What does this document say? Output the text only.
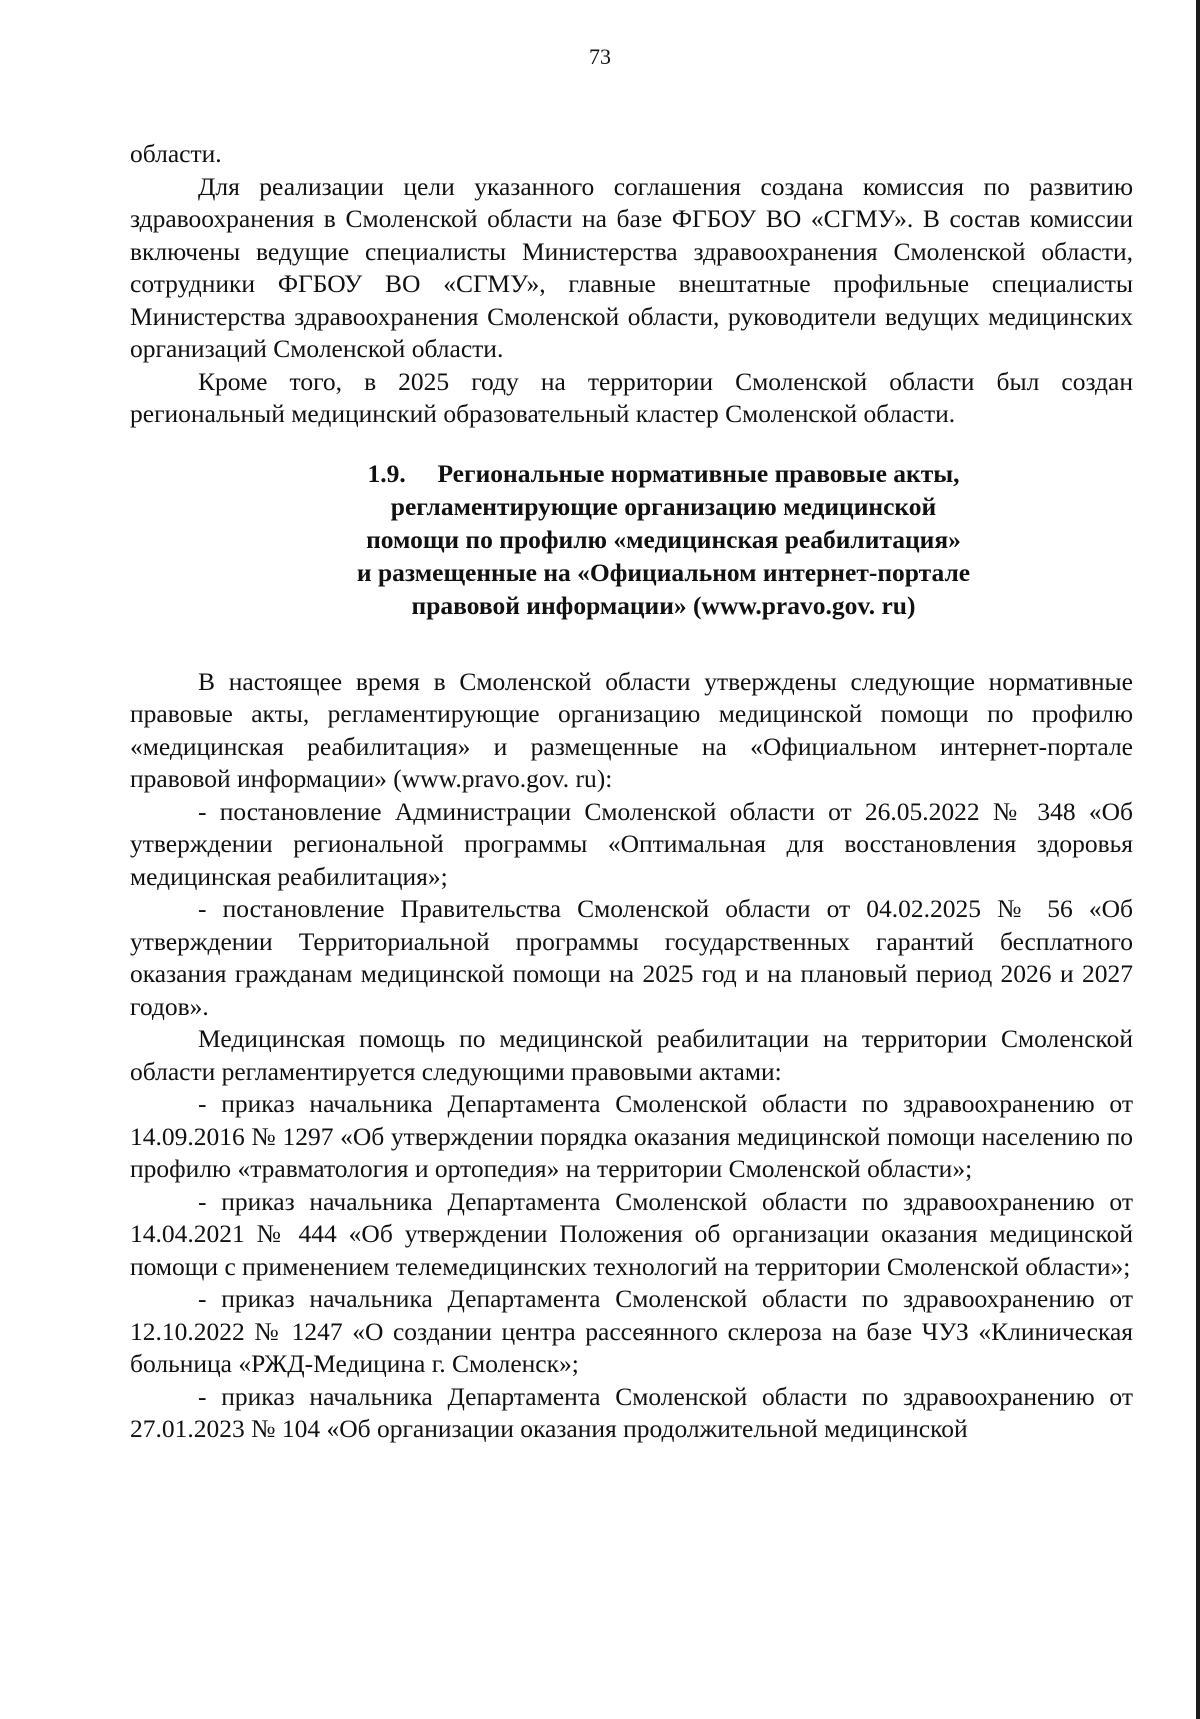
73

области.

Для реализации цели указанного соглашения создана комиссия по развитию здравоохранения в Смоленской области на базе ФГБОУ ВО «СГМУ». В состав комиссии включены ведущие специалисты Министерства здравоохранения Смоленской области, сотрудники ФГБОУ ВО «СГМУ», главные внештатные профильные специалисты Министерства здравоохранения Смоленской области, руководители ведущих медицинских организаций Смоленской области.

Кроме того, в 2025 году на территории Смоленской области был создан региональный медицинский образовательный кластер Смоленской области.

1.9. Региональные нормативные правовые акты,
регламентирующие организацию медицинской
помощи по профилю «медицинская реабилитация»
и размещенные на «Официальном интернет-портале
правовой информации» (www.pravo.gov. ru)

В настоящее время в Смоленской области утверждены следующие нормативные правовые акты, регламентирующие организацию медицинской помощи по профилю «медицинская реабилитация» и размещенные на «Официальном интернет-портале правовой информации» (www.pravo.gov. ru):

- постановление Администрации Смоленской области от 26.05.2022 № 348 «Об утверждении региональной программы «Оптимальная для восстановления здоровья медицинская реабилитация»;

- постановление Правительства Смоленской области от 04.02.2025 № 56 «Об утверждении Территориальной программы государственных гарантий бесплатного оказания гражданам медицинской помощи на 2025 год и на плановый период 2026 и 2027 годов».

Медицинская помощь по медицинской реабилитации на территории Смоленской области регламентируется следующими правовыми актами:

- приказ начальника Департамента Смоленской области по здравоохранению от 14.09.2016 № 1297 «Об утверждении порядка оказания медицинской помощи населению по профилю «травматология и ортопедия» на территории Смоленской области»;

- приказ начальника Департамента Смоленской области по здравоохранению от 14.04.2021 № 444 «Об утверждении Положения об организации оказания медицинской помощи с применением телемедицинских технологий на территории Смоленской области»;

- приказ начальника Департамента Смоленской области по здравоохранению от 12.10.2022 № 1247 «О создании центра рассеянного склероза на базе ЧУЗ «Клиническая больница «РЖД-Медицина г. Смоленск»;

- приказ начальника Департамента Смоленской области по здравоохранению от 27.01.2023 № 104 «Об организации оказания продолжительной медицинской
